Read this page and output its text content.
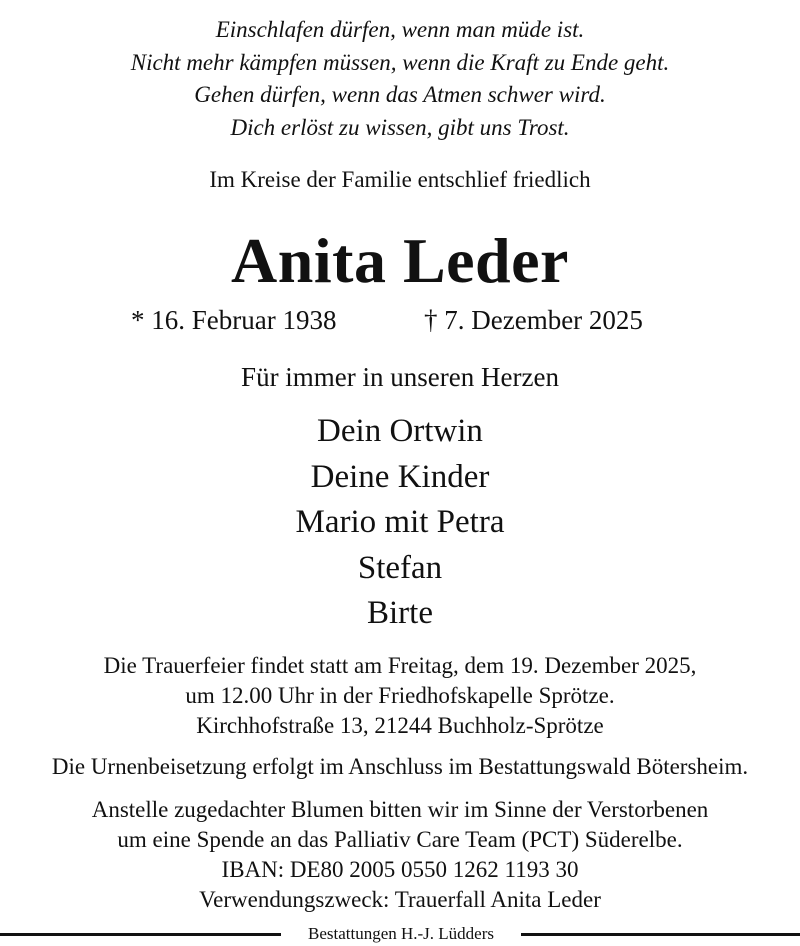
Einschlafen dürfen, wenn man müde ist.
Nicht mehr kämpfen müssen, wenn die Kraft zu Ende geht.
Gehen dürfen, wenn das Atmen schwer wird.
Dich erlöst zu wissen, gibt uns Trost.
Im Kreise der Familie entschlief friedlich
Anita Leder
* 16. Februar 1938	† 7. Dezember 2025
Für immer in unseren Herzen
Dein Ortwin
Deine Kinder
Mario mit Petra
Stefan
Birte
Die Trauerfeier findet statt am Freitag, dem 19. Dezember 2025,
um 12.00 Uhr in der Friedhofskapelle Sprötze.
Kirchhofstraße 13, 21244 Buchholz-Sprötze
Die Urnenbeisetzung erfolgt im Anschluss im Bestattungswald Bötersheim.
Anstelle zugedachter Blumen bitten wir im Sinne der Verstorbenen
um eine Spende an das Palliativ Care Team (PCT) Süderelbe.
IBAN: DE80 2005 0550 1262 1193 30
Verwendungszweck: Trauerfall Anita Leder
Bestattungen H.-J. Lüdders
